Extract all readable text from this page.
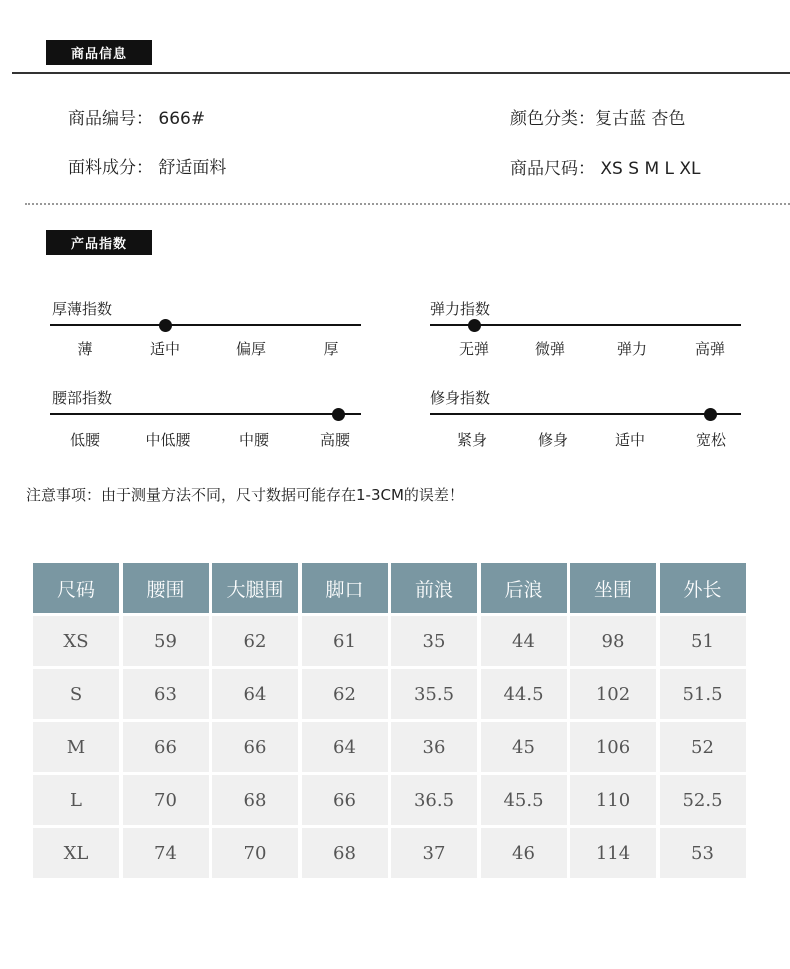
商品信息
商品编号： 666#	颜色分类：复古蓝 杏色
面料成分： 舒适面料	商品尺码： XS S M L XL
产品指数
厚薄指数
薄	适中	偏厚	厚
弹力指数
无弹	微弹	弹力	高弹
腰部指数
低腰	中低腰	中腰	高腰
修身指数
紧身	修身	适中	宽松
注意事项：由于测量方法不同，尺寸数据可能存在1-3CM的误差！
尺码	腰围	大腿围	脚口	前浪	后浪	坐围	外长
XS	59	62	61	35	44	98	51
S	63	64	62	35.5	44.5	102	51.5
M	66	66	64	36	45	106	52
L	70	68	66	36.5	45.5	110	52.5
XL	74	70	68	37	46	114	53
